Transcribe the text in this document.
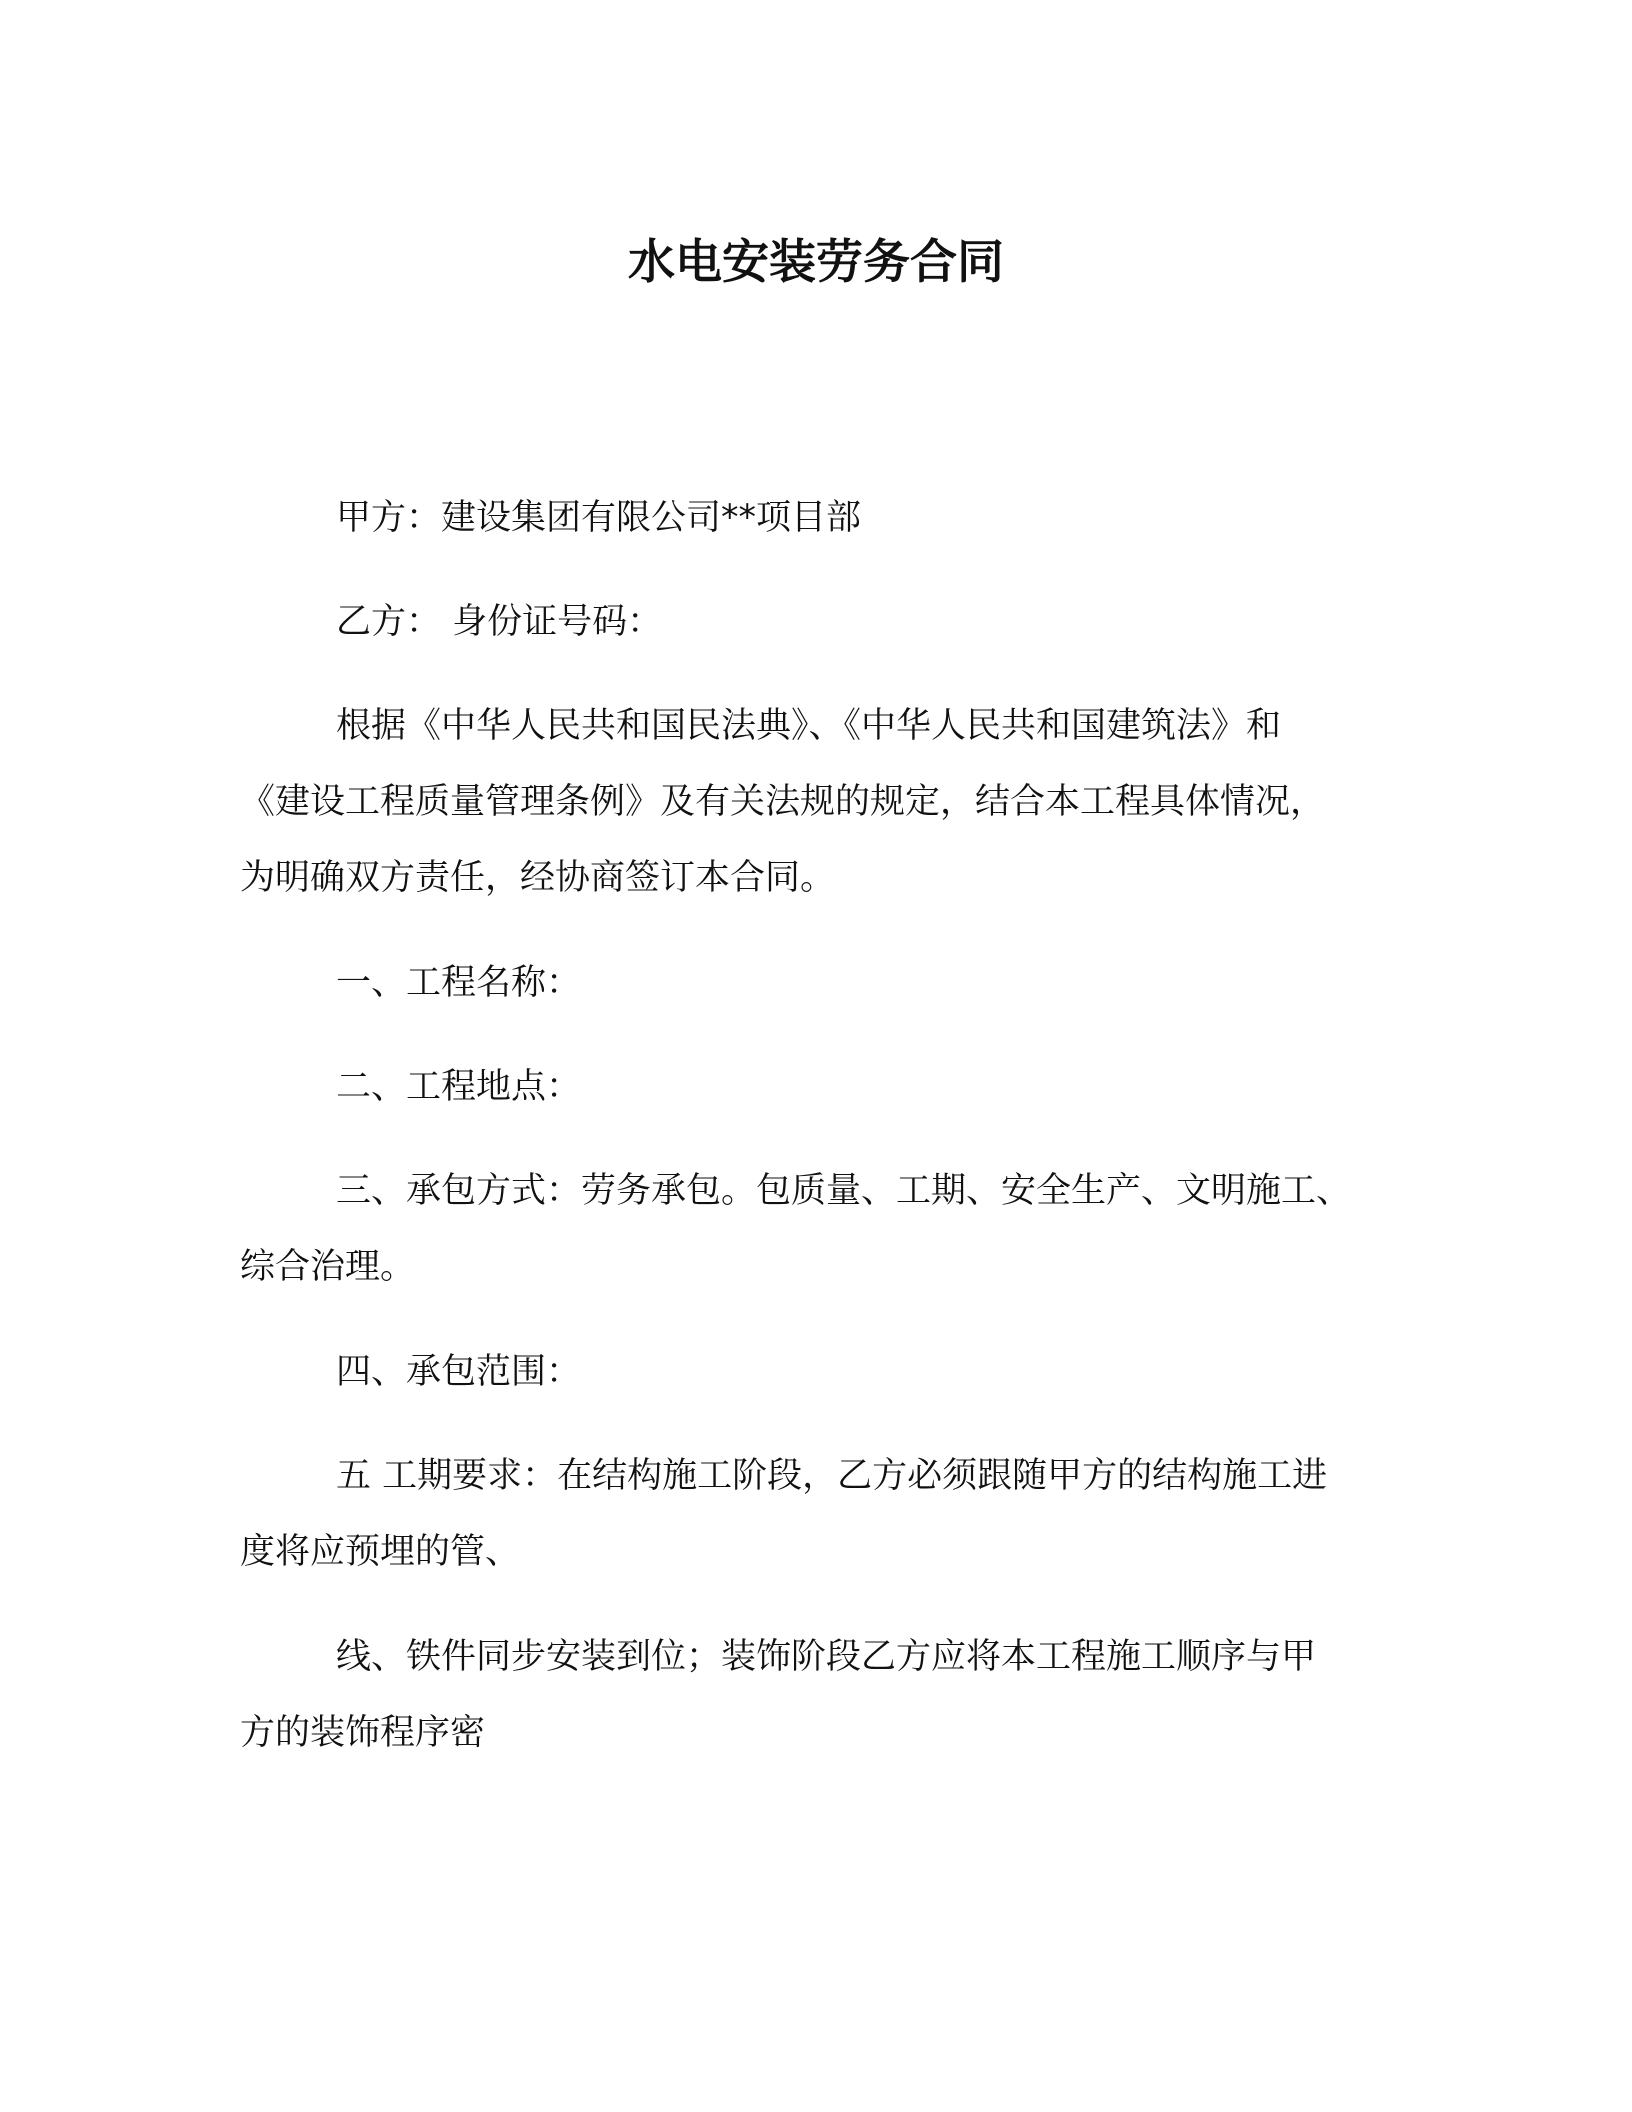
水电安装劳务合同

甲方：建设集团有限公司**项目部

乙方： 身份证号码：

根据《中华人民共和国民法典》、《中华人民共和国建筑法》和

《建设工程质量管理条例》及有关法规的规定，结合本工程具体情况，

为明确双方责任，经协商签订本合同。

一、工程名称：

二、工程地点：

三、承包方式：劳务承包。包质量、工期、安全生产、文明施工、

综合治理。

四、承包范围：

五 工期要求：在结构施工阶段，乙方必须跟随甲方的结构施工进

度将应预埋的管、

线、铁件同步安装到位；装饰阶段乙方应将本工程施工顺序与甲

方的装饰程序密
